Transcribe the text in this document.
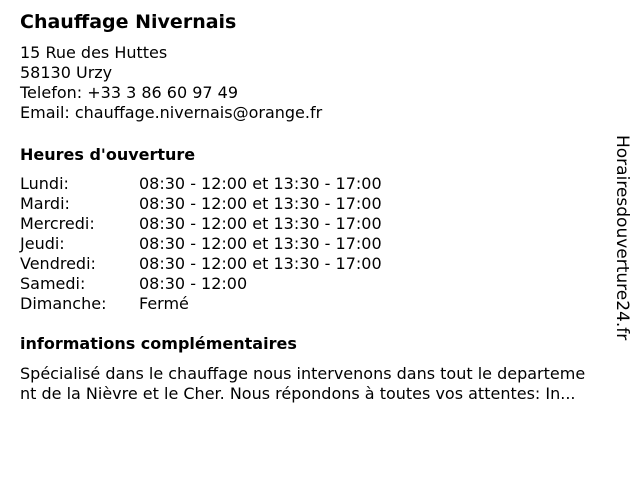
Chauffage Nivernais
15 Rue des Huttes
58130 Urzy
Telefon: +33 3 86 60 97 49
Email: chauffage.nivernais@orange.fr
Heures d'ouverture
Lundi:	08:30 - 12:00 et 13:30 - 17:00
Mardi:	08:30 - 12:00 et 13:30 - 17:00
Mercredi:	08:30 - 12:00 et 13:30 - 17:00
Jeudi:	08:30 - 12:00 et 13:30 - 17:00
Vendredi:	08:30 - 12:00 et 13:30 - 17:00
Samedi:	08:30 - 12:00
Dimanche:	Fermé
informations complémentaires
Spécialisé dans le chauffage nous intervenons dans tout le departeme
nt de la Nièvre et le Cher. Nous répondons à toutes vos attentes: In...
Horairesdouverture24.fr
